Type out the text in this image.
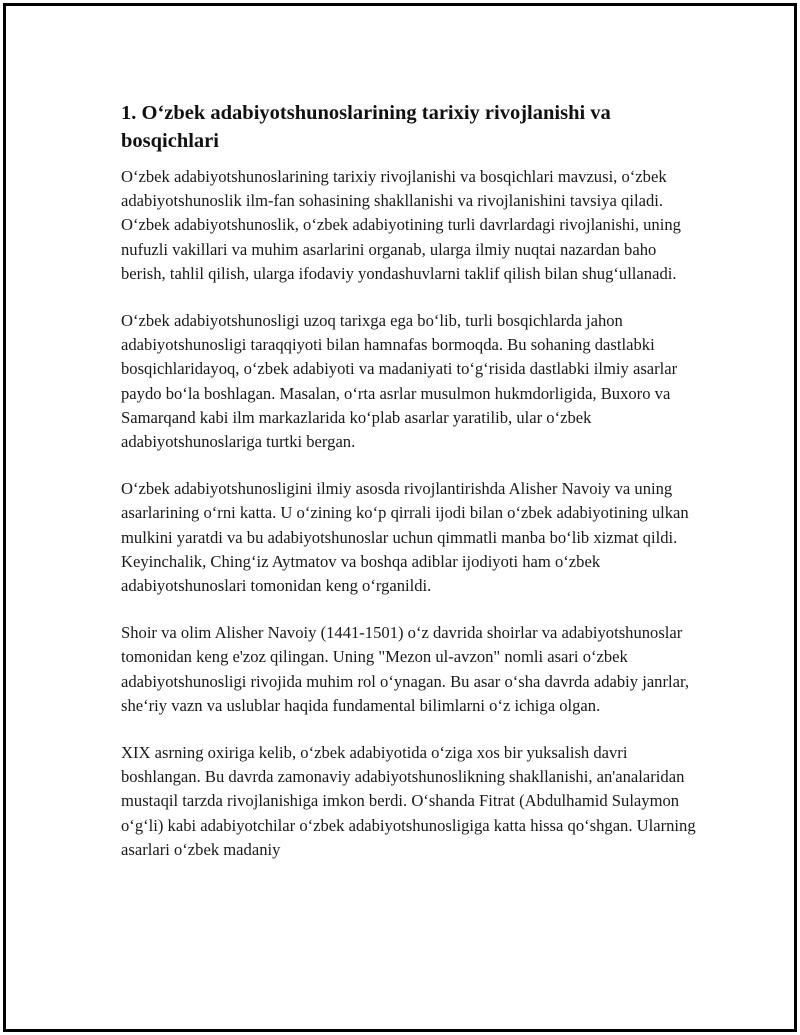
1. O‘zbek adabiyotshunoslarining tarixiy rivojlanishi va bosqichlari

O‘zbek adabiyotshunoslarining tarixiy rivojlanishi va bosqichlari mavzusi, o‘zbek adabiyotshunoslik ilm-fan sohasining shakllanishi va rivojlanishini tavsiya qiladi. O‘zbek adabiyotshunoslik, o‘zbek adabiyotining turli davrlardagi rivojlanishi, uning nufuzli vakillari va muhim asarlarini organab, ularga ilmiy nuqtai nazardan baho berish, tahlil qilish, ularga ifodaviy yondashuvlarni taklif qilish bilan shug‘ullanadi.

O‘zbek adabiyotshunosligi uzoq tarixga ega bo‘lib, turli bosqichlarda jahon adabiyotshunosligi taraqqiyoti bilan hamnafas bormoqda. Bu sohaning dastlabki bosqichlaridayoq, o‘zbek adabiyoti va madaniyati to‘g‘risida dastlabki ilmiy asarlar paydo bo‘la boshlagan. Masalan, o‘rta asrlar musulmon hukmdorligida, Buxoro va Samarqand kabi ilm markazlarida ko‘plab asarlar yaratilib, ular o‘zbek adabiyotshunoslariga turtki bergan.

O‘zbek adabiyotshunosligini ilmiy asosda rivojlantirishda Alisher Navoiy va uning asarlarining o‘rni katta. U o‘zining ko‘p qirrali ijodi bilan o‘zbek adabiyotining ulkan mulkini yaratdi va bu adabiyotshunoslar uchun qimmatli manba bo‘lib xizmat qildi. Keyinchalik, Ching‘iz Aytmatov va boshqa adiblar ijodiyoti ham o‘zbek adabiyotshunoslari tomonidan keng o‘rganildi.

Shoir va olim Alisher Navoiy (1441-1501) o‘z davrida shoirlar va adabiyotshunoslar tomonidan keng e'zoz qilingan. Uning "Mezon ul-avzon" nomli asari o‘zbek adabiyotshunosligi rivojida muhim rol o‘ynagan. Bu asar o‘sha davrda adabiy janrlar, she‘riy vazn va uslublar haqida fundamental bilimlarni o‘z ichiga olgan.

XIX asrning oxiriga kelib, o‘zbek adabiyotida o‘ziga xos bir yuksalish davri boshlangan. Bu davrda zamonaviy adabiyotshunoslikning shakllanishi, an'analaridan mustaqil tarzda rivojlanishiga imkon berdi. O‘shanda Fitrat (Abdulhamid Sulaymon o‘g‘li) kabi adabiyotchilar o‘zbek adabiyotshunosligiga katta hissa qo‘shgan. Ularning asarlari o‘zbek madaniy
